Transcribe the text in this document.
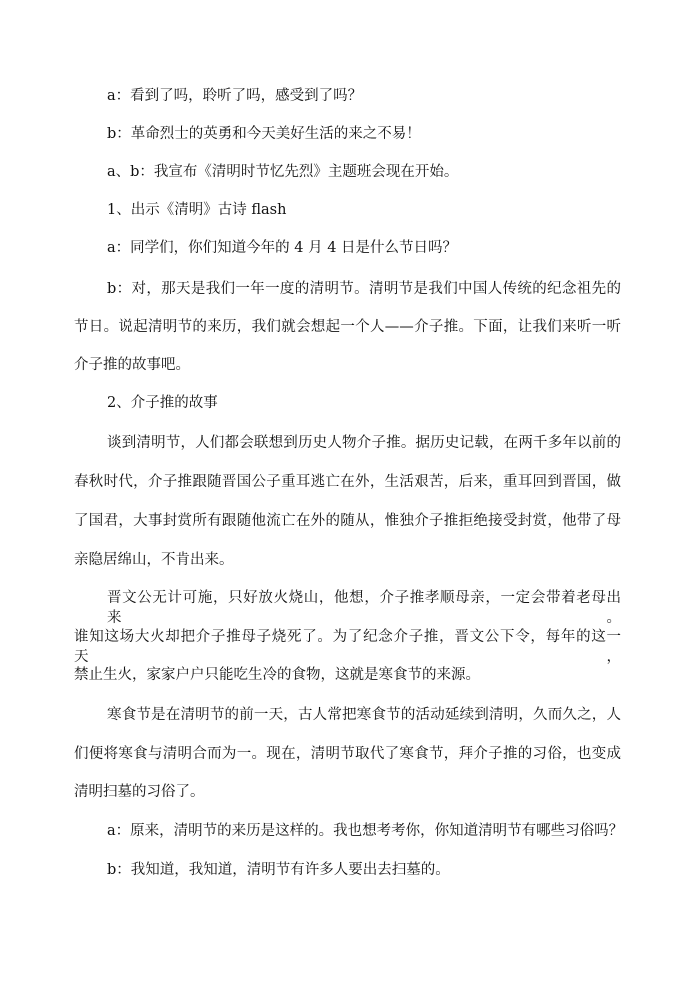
a：看到了吗，聆听了吗，感受到了吗？
b：革命烈士的英勇和今天美好生活的来之不易！
a、b：我宣布《清明时节忆先烈》主题班会现在开始。
1、出示《清明》古诗 flash
a：同学们，你们知道今年的 4 月 4 日是什么节日吗？
b：对，那天是我们一年一度的清明节。清明节是我们中国人传统的纪念祖先的
节日。说起清明节的来历，我们就会想起一个人——介子推。下面，让我们来听一听
介子推的故事吧。
2、介子推的故事
谈到清明节，人们都会联想到历史人物介子推。据历史记载，在两千多年以前的
春秋时代，介子推跟随晋国公子重耳逃亡在外，生活艰苦，后来，重耳回到晋国，做
了国君，大事封赏所有跟随他流亡在外的随从，惟独介子推拒绝接受封赏，他带了母
亲隐居绵山，不肯出来。
晋文公无计可施，只好放火烧山，他想，介子推孝顺母亲，一定会带着老母出来。
谁知这场大火却把介子推母子烧死了。为了纪念介子推，晋文公下令，每年的这一天，
禁止生火，家家户户只能吃生冷的食物，这就是寒食节的来源。
寒食节是在清明节的前一天，古人常把寒食节的活动延续到清明，久而久之，人
们便将寒食与清明合而为一。现在，清明节取代了寒食节，拜介子推的习俗，也变成
清明扫墓的习俗了。
a：原来，清明节的来历是这样的。我也想考考你，你知道清明节有哪些习俗吗？
b：我知道，我知道，清明节有许多人要出去扫墓的。
